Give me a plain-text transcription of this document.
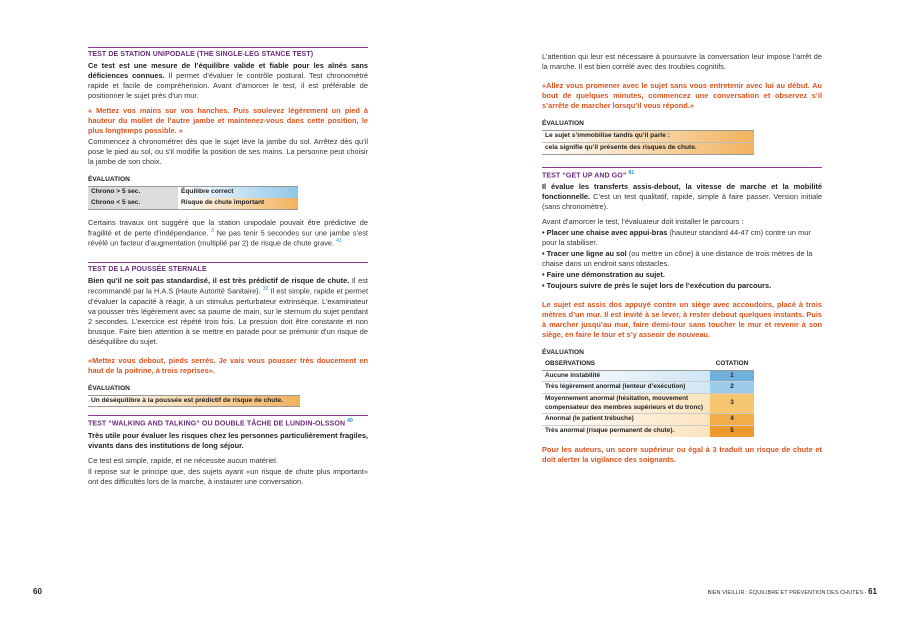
TEST DE STATION UNIPODALE (THE SINGLE-LEG STANCE TEST)

Ce test est une mesure de l’équilibre valide et fiable pour les aînés sans déficiences connues. Il permet d’évaluer le contrôle postural. Test chronométré rapide et facile de compréhension. Avant d’amorcer le test, il est préférable de positionner le sujet près d’un mur.

« Mettez vos mains sur vos hanches. Puis soulevez légèrement un pied à hauteur du mollet de l’autre jambe et maintenez-vous dans cette position, le plus longtemps possible. »

Commencez à chronométrer dès que le sujet lève la jambe du sol. Arrêtez dès qu’il pose le pied au sol, ou s’il modifie la position de ses mains. La personne peut choisir la jambe de son choix.

ÉVALUATION
Chrono > 5 sec.	Équilibre correct
Chrono < 5 sec.	Risque de chute important

Certains travaux ont suggéré que la station unipodale pouvait être prédictive de fragilité et de perte d’indépendance. $^3$ Ne pas tenir 5 secondes sur une jambe s’est révélé un facteur d’augmentation (multiplié par 2) de risque de chute grave. $^{41}$

TEST DE LA POUSSÉE STERNALE

Bien qu’il ne soit pas standardisé, il est très prédictif de risque de chute. Il est recommandé par la H.A.S (Haute Autorité Sanitaire). $^{32}$ Il est simple, rapide et permet d’évaluer la capacité à réagir, à un stimulus perturbateur extrinsèque. L’examinateur va pousser très légèrement avec sa paume de main, sur le sternum du sujet pendant 2 secondes. L’exercice est répété trois fois. La pression doit être constante et non brusque. Faire bien attention à se mettre en parade pour se prémunir d’un risque de déséquilibre du sujet.

«Mettez vous debout, pieds serrés. Je vais vous pousser très doucement en haut de la poitrine, à trois reprises».

ÉVALUATION
Un déséquilibre à la poussée est prédictif de risque de chute.
TEST “WALKING AND TALKING” OU DOUBLE TÂCHE DE LUNDIN-OLSSON $^{40}$

Très utile pour évaluer les risques chez les personnes particulièrement fragiles, vivants dans des institutions de long séjour.

Ce test est simple, rapide, et ne nécessite aucun matériel.

Il repose sur le principe que, des sujets ayant «un risque de chute plus important» ont des difficultés lors de la marche, à instaurer une conversation.

60

L’attention qui leur est nécessaire à poursuivre la conversation leur impose l’arrêt de la marche. Il est bien corrélé avec des troubles cognitifs.

«Allez vous promener avec le sujet sans vous entretenir avec lui au début. Au bout de quelques minutes, commencez une conversation et observez s’il s’arrête de marcher lorsqu’il vous répond.»

ÉVALUATION
Le sujet s’immobilise tandis qu’il parle :
cela signifie qu’il présente des risques de chute.
TEST “GET UP AND GO” $^{81}$

Il évalue les transferts assis-debout, la vitesse de marche et la mobilité fonctionnelle. C’est un test qualitatif, rapide, simple à faire passer. Version initiale (sans chronomètre).

Avant d’amorcer le test, l’évaluateur doit installer le parcours :

• Placer une chaise avec appui-bras (hauteur standard 44-47 cm) contre un mur pour la stabiliser.

• Tracer une ligne au sol (ou mettre un cône) à une distance de trois mètres de la chaise dans un endroit sans obstacles.

• Faire une démonstration au sujet.

• Toujours suivre de près le sujet lors de l’exécution du parcours.

Le sujet est assis dos appuyé contre un siège avec accoudoirs, placé à trois mètres d’un mur. Il est invité à se lever, à rester debout quelques instants. Puis à marcher jusqu’au mur, faire demi-tour sans toucher le mur et revenir à son siège, en faire le tour et s’y asseoir de nouveau.

ÉVALUATION
OBSERVATIONS	COTATION
Aucune instabilité	1
Très légèrement anormal (lenteur d’exécution)	2
Moyennement anormal (hésitation, mouvement compensateur des membres supérieurs et du tronc)	3
Anormal (le patient trébuche)	4
Très anormal (risque permanent de chute).	5

Pour les auteurs, un score supérieur ou égal à 3 traduit un risque de chute et doit alerter la vigilance des soignants.

BIEN VIEILLIR : ÉQUILIBRE ET PRÉVENTION DES CHUTES - 61
